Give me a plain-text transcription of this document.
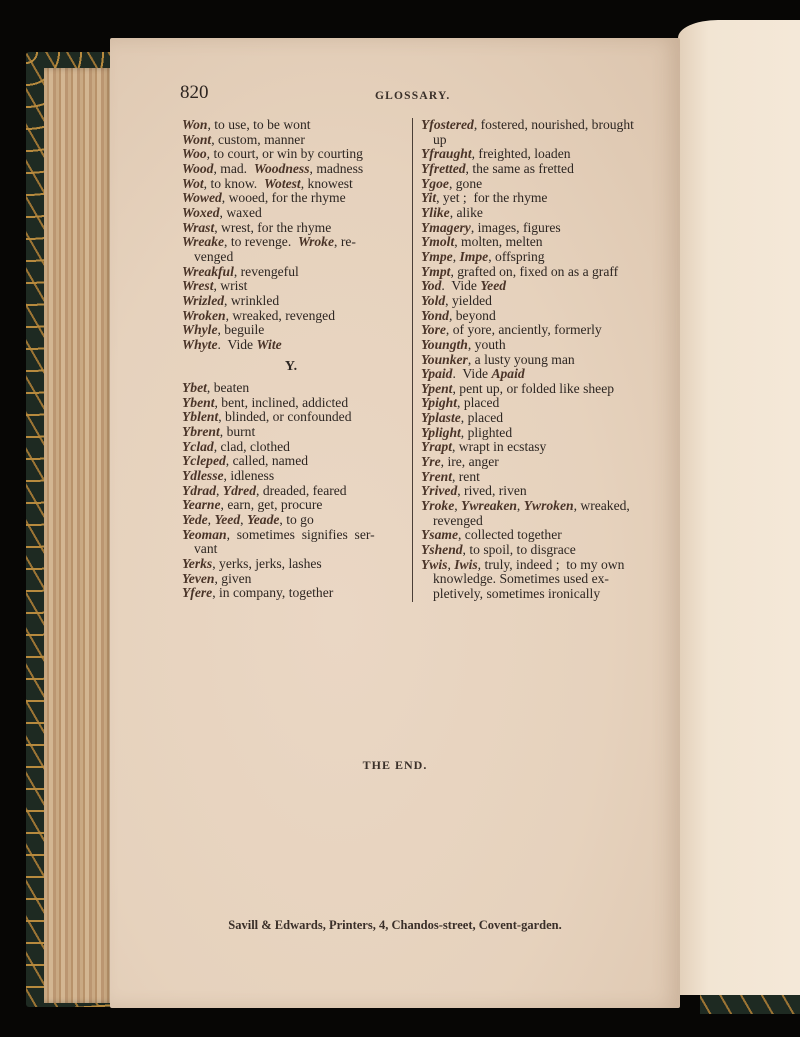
820	GLOSSARY.
Won, to use, to be wont
Wont, custom, manner
Woo, to court, or win by courting
Wood, mad.  Woodness, madness
Wot, to know.  Wotest, knowest
Wowed, wooed, for the rhyme
Woxed, waxed
Wrast, wrest, for the rhyme
Wreake, to revenge.  Wroke, re-
venged
Wreakful, revengeful
Wrest, wrist
Wrizled, wrinkled
Wroken, wreaked, revenged
Whyle, beguile
Whyte.  Vide Wite
Y.
Ybet, beaten
Ybent, bent, inclined, addicted
Yblent, blinded, or confounded
Ybrent, burnt
Yclad, clad, clothed
Ycleped, called, named
Ydlesse, idleness
Ydrad, Ydred, dreaded, feared
Yearne, earn, get, procure
Yede, Yeed, Yeade, to go
Yeoman,  sometimes  signifies  ser-
vant
Yerks, yerks, jerks, lashes
Yeven, given
Yfere, in company, together
Yfostered, fostered, nourished, brought
up
Yfraught, freighted, loaden
Yfretted, the same as fretted
Ygoe, gone
Yit, yet ;  for the rhyme
Ylike, alike
Ymagery, images, figures
Ymolt, molten, melten
Ympe, Impe, offspring
Ympt, grafted on, fixed on as a graff
Yod.  Vide Yeed
Yold, yielded
Yond, beyond
Yore, of yore, anciently, formerly
Youngth, youth
Younker, a lusty young man
Ypaid.  Vide Apaid
Ypent, pent up, or folded like sheep
Ypight, placed
Yplaste, placed
Yplight, plighted
Yrapt, wrapt in ecstasy
Yre, ire, anger
Yrent, rent
Yrived, rived, riven
Yroke, Ywreaken, Ywroken, wreaked,
revenged
Ysame, collected together
Yshend, to spoil, to disgrace
Ywis, Iwis, truly, indeed ;  to my own
knowledge. Sometimes used ex-
pletively, sometimes ironically
THE END.
Savill & Edwards, Printers, 4, Chandos-street, Covent-garden.
